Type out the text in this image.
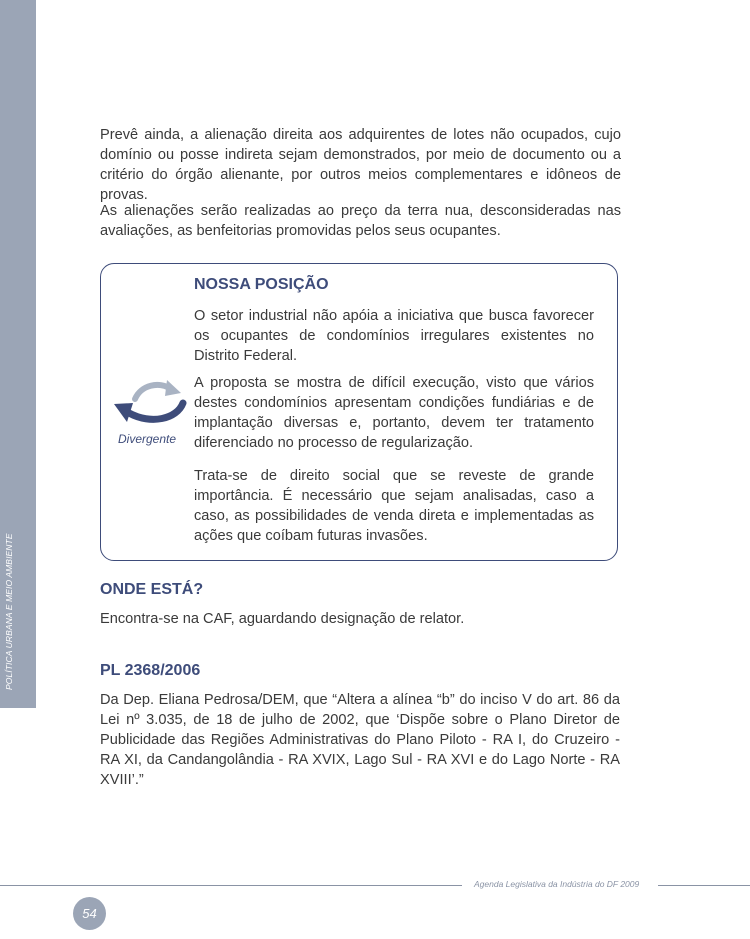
POLÍTICA URBANA E MEIO AMBIENTE

Prevê ainda, a alienação direita aos adquirentes de lotes não ocupados, cujo domínio ou posse indireta sejam demonstrados, por meio de documento ou a critério do órgão alienante, por outros meios complementares e idôneos de provas.

As alienações serão realizadas ao preço da terra nua, desconsideradas nas avaliações, as benfeitorias promovidas pelos seus ocupantes.

NOSSA POSIÇÃO
Divergente

O setor industrial não apóia a iniciativa que busca favorecer os ocupantes de condomínios irregulares existentes no Distrito Federal.

A proposta se mostra de difícil execução, visto que vários destes condomínios apresentam condições fundiárias e de implantação diversas e, portanto, devem ter tratamento diferenciado no processo de regularização.

Trata-se de direito social que se reveste de grande importância. É necessário que sejam analisadas, caso a caso, as possibilidades de venda direta e implementadas as ações que coíbam futuras invasões.

ONDE ESTÁ?

Encontra-se na CAF, aguardando designação de relator.

PL 2368/2006

Da Dep. Eliana Pedrosa/DEM, que “Altera a alínea “b” do inciso V do art. 86 da Lei nº 3.035, de 18 de julho de 2002, que ‘Dispõe sobre o Plano Diretor de Publicidade das Regiões Administrativas do Plano Piloto - RA I, do Cruzeiro - RA XI, da Candangolândia - RA XVIX, Lago Sul - RA XVI e do Lago Norte - RA XVIII’.”

Agenda Legislativa da Indústria do DF 2009
54
